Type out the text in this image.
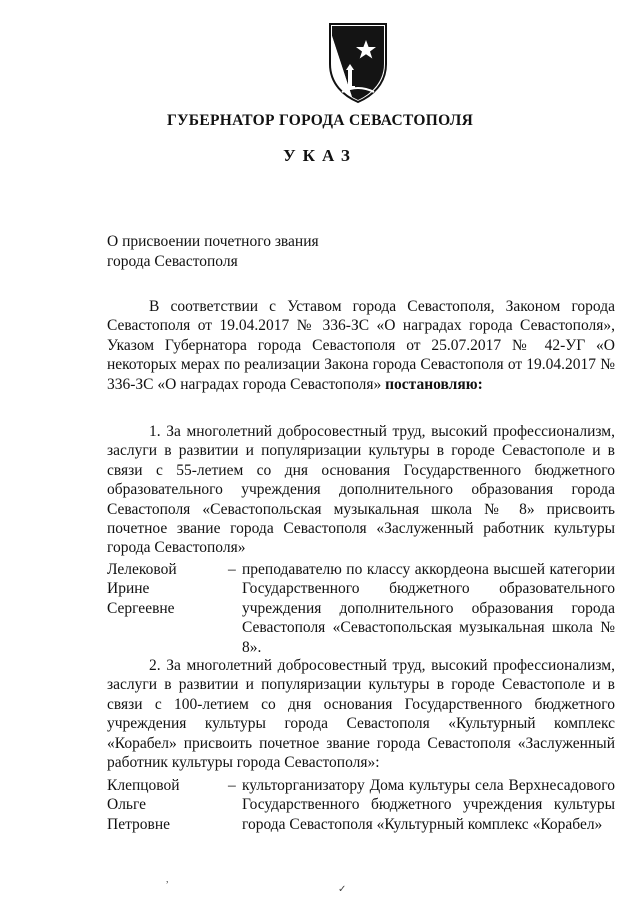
ГУБЕРНАТОР ГОРОДА СЕВАСТОПОЛЯ
УКАЗ
О присвоении почетного звания
города Севастополя
В соответствии с Уставом города Севастополя, Законом города Севастополя от 19.04.2017 № 336-ЗС «О наградах города Севастополя», Указом Губернатора города Севастополя от 25.07.2017 № 42-УГ «О некоторых мерах по реализации Закона города Севастополя от 19.04.2017 № 336-ЗС «О наградах города Севастополя» постановляю:
1. За многолетний добросовестный труд, высокий профессионализм, заслуги в развитии и популяризации культуры в городе Севастополе и в связи с 55-летием со дня основания Государственного бюджетного образовательного учреждения дополнительного образования города Севастополя «Севастопольская музыкальная школа № 8» присвоить почетное звание города Севастополя «Заслуженный работник культуры города Севастополя»
Лелековой
Ирине
Сергеевне
– преподавателю по классу аккордеона высшей категории Государственного бюджетного образовательного учреждения дополнительного образования города Севастополя «Севастопольская музыкальная школа № 8».
2. За многолетний добросовестный труд, высокий профессионализм, заслуги в развитии и популяризации культуры в городе Севастополе и в связи с 100-летием со дня основания Государственного бюджетного учреждения культуры города Севастополя «Культурный комплекс «Корабел» присвоить почетное звание города Севастополя «Заслуженный работник культуры города Севастополя»:
Клепцовой
Ольге
Петровне
– культорганизатору Дома культуры села Верхнесадового Государственного бюджетного учреждения культуры города Севастополя «Культурный комплекс «Корабел»
,
✓
